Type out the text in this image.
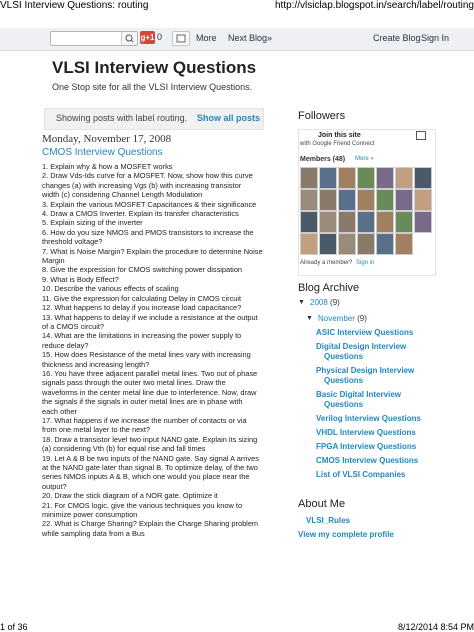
VLSI Interview Questions: routing	http://vlsiclap.blogspot.in/search/label/routing
g+1 0	More Next Blog»	Create Blog Sign In
VLSI Interview Questions
One Stop site for all the VLSI Interview Questions.
Showing posts with label routing. Show all posts
Monday, November 17, 2008
CMOS Interview Questions
1. Explain why & how a MOSFET works
2. Draw Vds-Ids curve for a MOSFET. Now, show how this curve
changes (a) with increasing Vgs (b) with increasing transistor
width (c) considering Channel Length Modulation
3. Explain the various MOSFET Capacitances & their significance
4. Draw a CMOS Inverter. Explain its transfer characteristics
5. Explain sizing of the inverter
6. How do you size NMOS and PMOS transistors to increase the
threshold voltage?
7. What is Noise Margin? Explain the procedure to determine Noise
Margin
8. Give the expression for CMOS switching power dissipation
9. What is Body Effect?
10. Describe the various effects of scaling
11. Give the expression for calculating Delay in CMOS circuit
12. What happens to delay if you increase load capacitance?
13. What happens to delay if we include a resistance at the output
of a CMOS circuit?
14. What are the limitations in increasing the power supply to
reduce delay?
15. How does Resistance of the metal lines vary with increasing
thickness and increasing length?
16. You have three adjacent parallel metal lines. Two out of phase
signals pass through the outer two metal lines. Draw the
waveforms in the center metal line due to interference. Now, draw
the signals if the signals in outer metal lines are in phase with
each other
17. What happens if we increase the number of contacts or via
from one metal layer to the next?
18. Draw a transistor level two input NAND gate. Explain its sizing
(a) considering Vth (b) for equal rise and fall times
19. Let A & B be two inputs of the NAND gate. Say signal A arrives
at the NAND gate later than signal B. To optimize delay, of the two
series NMOS inputs A & B, which one would you place near the
output?
20. Draw the stick diagram of a NOR gate. Optimize it
21. For CMOS logic, give the various techniques you know to
minimize power consumption
22. What is Charge Sharing? Explain the Charge Sharing problem
while sampling data from a Bus
Followers
Join this site
with Google Friend Connect
Members (48) More »
Already a member? Sign in
Blog Archive
▼ 2008 (9)
▼ November (9)
ASIC Interview Questions
Digital Design Interview
Questions
Physical Design Interview
Questions
Basic Digital Interview
Questions
Verilog Interview Questions
VHDL Interview Questions
FPGA Interview Questions
CMOS Interview Questions
List of VLSI Companies
About Me
VLSI_Rules
View my complete profile
1 of 36	8/12/2014 8:54 PM
